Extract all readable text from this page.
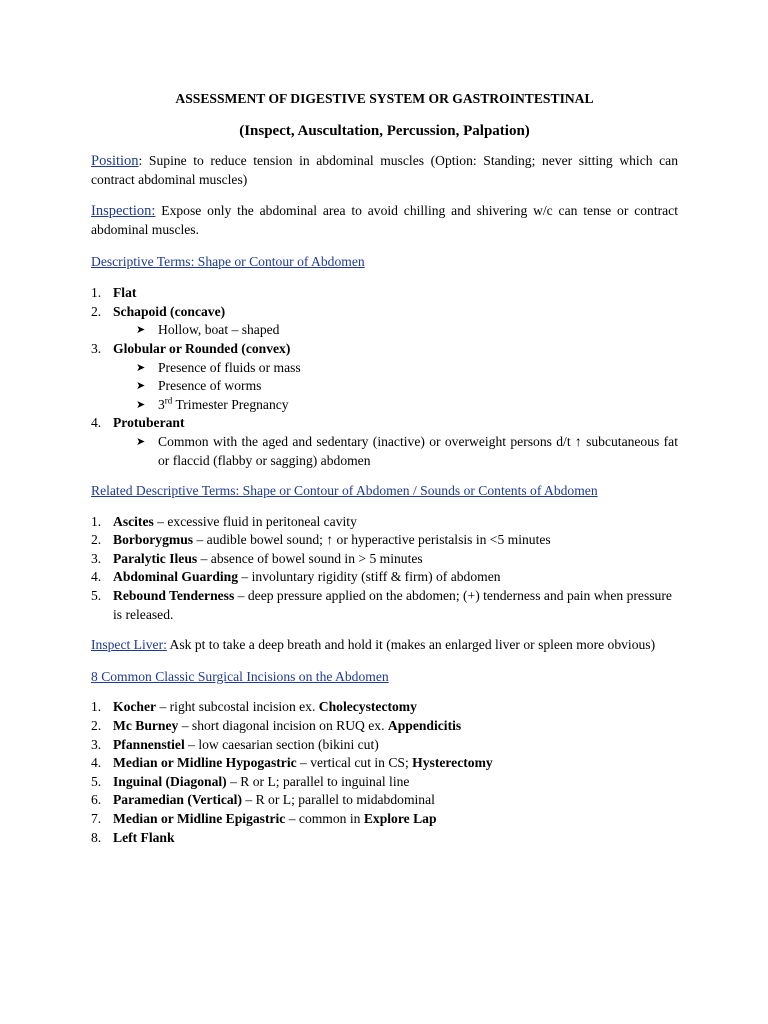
ASSESSMENT OF DIGESTIVE SYSTEM OR GASTROINTESTINAL

(Inspect, Auscultation, Percussion, Palpation)

Position: Supine to reduce tension in abdominal muscles (Option: Standing; never sitting which can contract abdominal muscles)

Inspection: Expose only the abdominal area to avoid chilling and shivering w/c can tense or contract abdominal muscles.

Descriptive Terms: Shape or Contour of Abdomen

1. Flat
2. Schapoid (concave)
➤ Hollow, boat – shaped
3. Globular or Rounded (convex)
➤ Presence of fluids or mass
➤ Presence of worms
➤ 3rd Trimester Pregnancy
4. Protuberant
➤ Common with the aged and sedentary (inactive) or overweight persons d/t ↑ subcutaneous fat or flaccid (flabby or sagging) abdomen

Related Descriptive Terms: Shape or Contour of Abdomen / Sounds or Contents of Abdomen

1. Ascites – excessive fluid in peritoneal cavity
2. Borborygmus – audible bowel sound; ↑ or hyperactive peristalsis in <5 minutes
3. Paralytic Ileus – absence of bowel sound in > 5 minutes
4. Abdominal Guarding – involuntary rigidity (stiff & firm) of abdomen
5. Rebound Tenderness – deep pressure applied on the abdomen; (+) tenderness and pain when pressure is released.

Inspect Liver: Ask pt to take a deep breath and hold it (makes an enlarged liver or spleen more obvious)

8 Common Classic Surgical Incisions on the Abdomen

1. Kocher – right subcostal incision ex. Cholecystectomy
2. Mc Burney – short diagonal incision on RUQ ex. Appendicitis
3. Pfannenstiel – low caesarian section (bikini cut)
4. Median or Midline Hypogastric – vertical cut in CS; Hysterectomy
5. Inguinal (Diagonal) – R or L; parallel to inguinal line
6. Paramedian (Vertical) – R or L; parallel to midabdominal
7. Median or Midline Epigastric – common in Explore Lap
8. Left Flank
